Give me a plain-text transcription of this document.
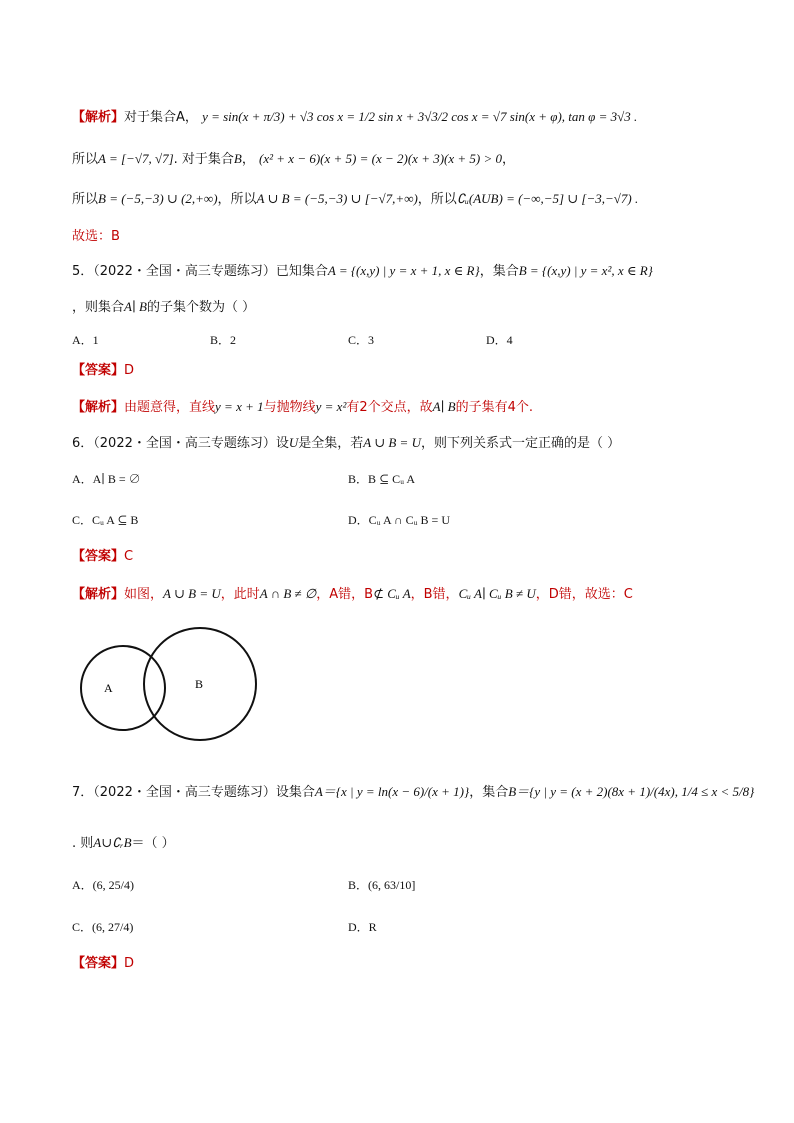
【解析】对于集合A， y = sin(x + π/3) + √3 cos x = 1/2 sin x + 3√3/2 cos x = √7 sin(x + φ), tan φ = 3√3 .
所以A = [−√7, √7]. 对于集合B， (x² + x − 6)(x + 5) = (x − 2)(x + 3)(x + 5) > 0，
所以B = (−5,−3) ∪ (2,+∞)，所以A ∪ B = (−5,−3) ∪ [−√7,+∞)，所以∁ᵤ(AUB) = (−∞,−5] ∪ [−3,−√7) .
故选：B
5．（2022・全国・高三专题练习）已知集合A = {(x,y) | y = x + 1, x ∈ R}，集合B = {(x,y) | y = x², x ∈ R}
，则集合A∣ B的子集个数为（ ）
A．1	B．2	C．3	D．4
【答案】D
【解析】由题意得，直线y = x + 1与抛物线y = x²有2个交点，故A∣ B的子集有4个.
6．（2022・全国・高三专题练习）设U是全集，若A ∪ B = U，则下列关系式一定正确的是（ ）
A．A∣ B = ∅	B．B ⊆ Cᵤ A
C．Cᵤ A ⊆ B	D．Cᵤ A ∩ Cᵤ B = U
【答案】C
【解析】如图，A ∪ B = U，此时A ∩ B ≠ ∅，A错，B⊄ Cᵤ A，B错，Cᵤ A∣ Cᵤ B ≠ U，D错，故选：C
A	B
7．（2022・全国・高三专题练习）设集合A＝{x | y = ln(x − 6)/(x + 1)}，集合B＝{y | y = (x + 2)(8x + 1)/(4x), 1/4 ≤ x < 5/8}
. 则A∪∁ᵣB＝（ ）
A．(6, 25/4)	B．(6, 63/10]
C．(6, 27/4)	D．R
【答案】D
